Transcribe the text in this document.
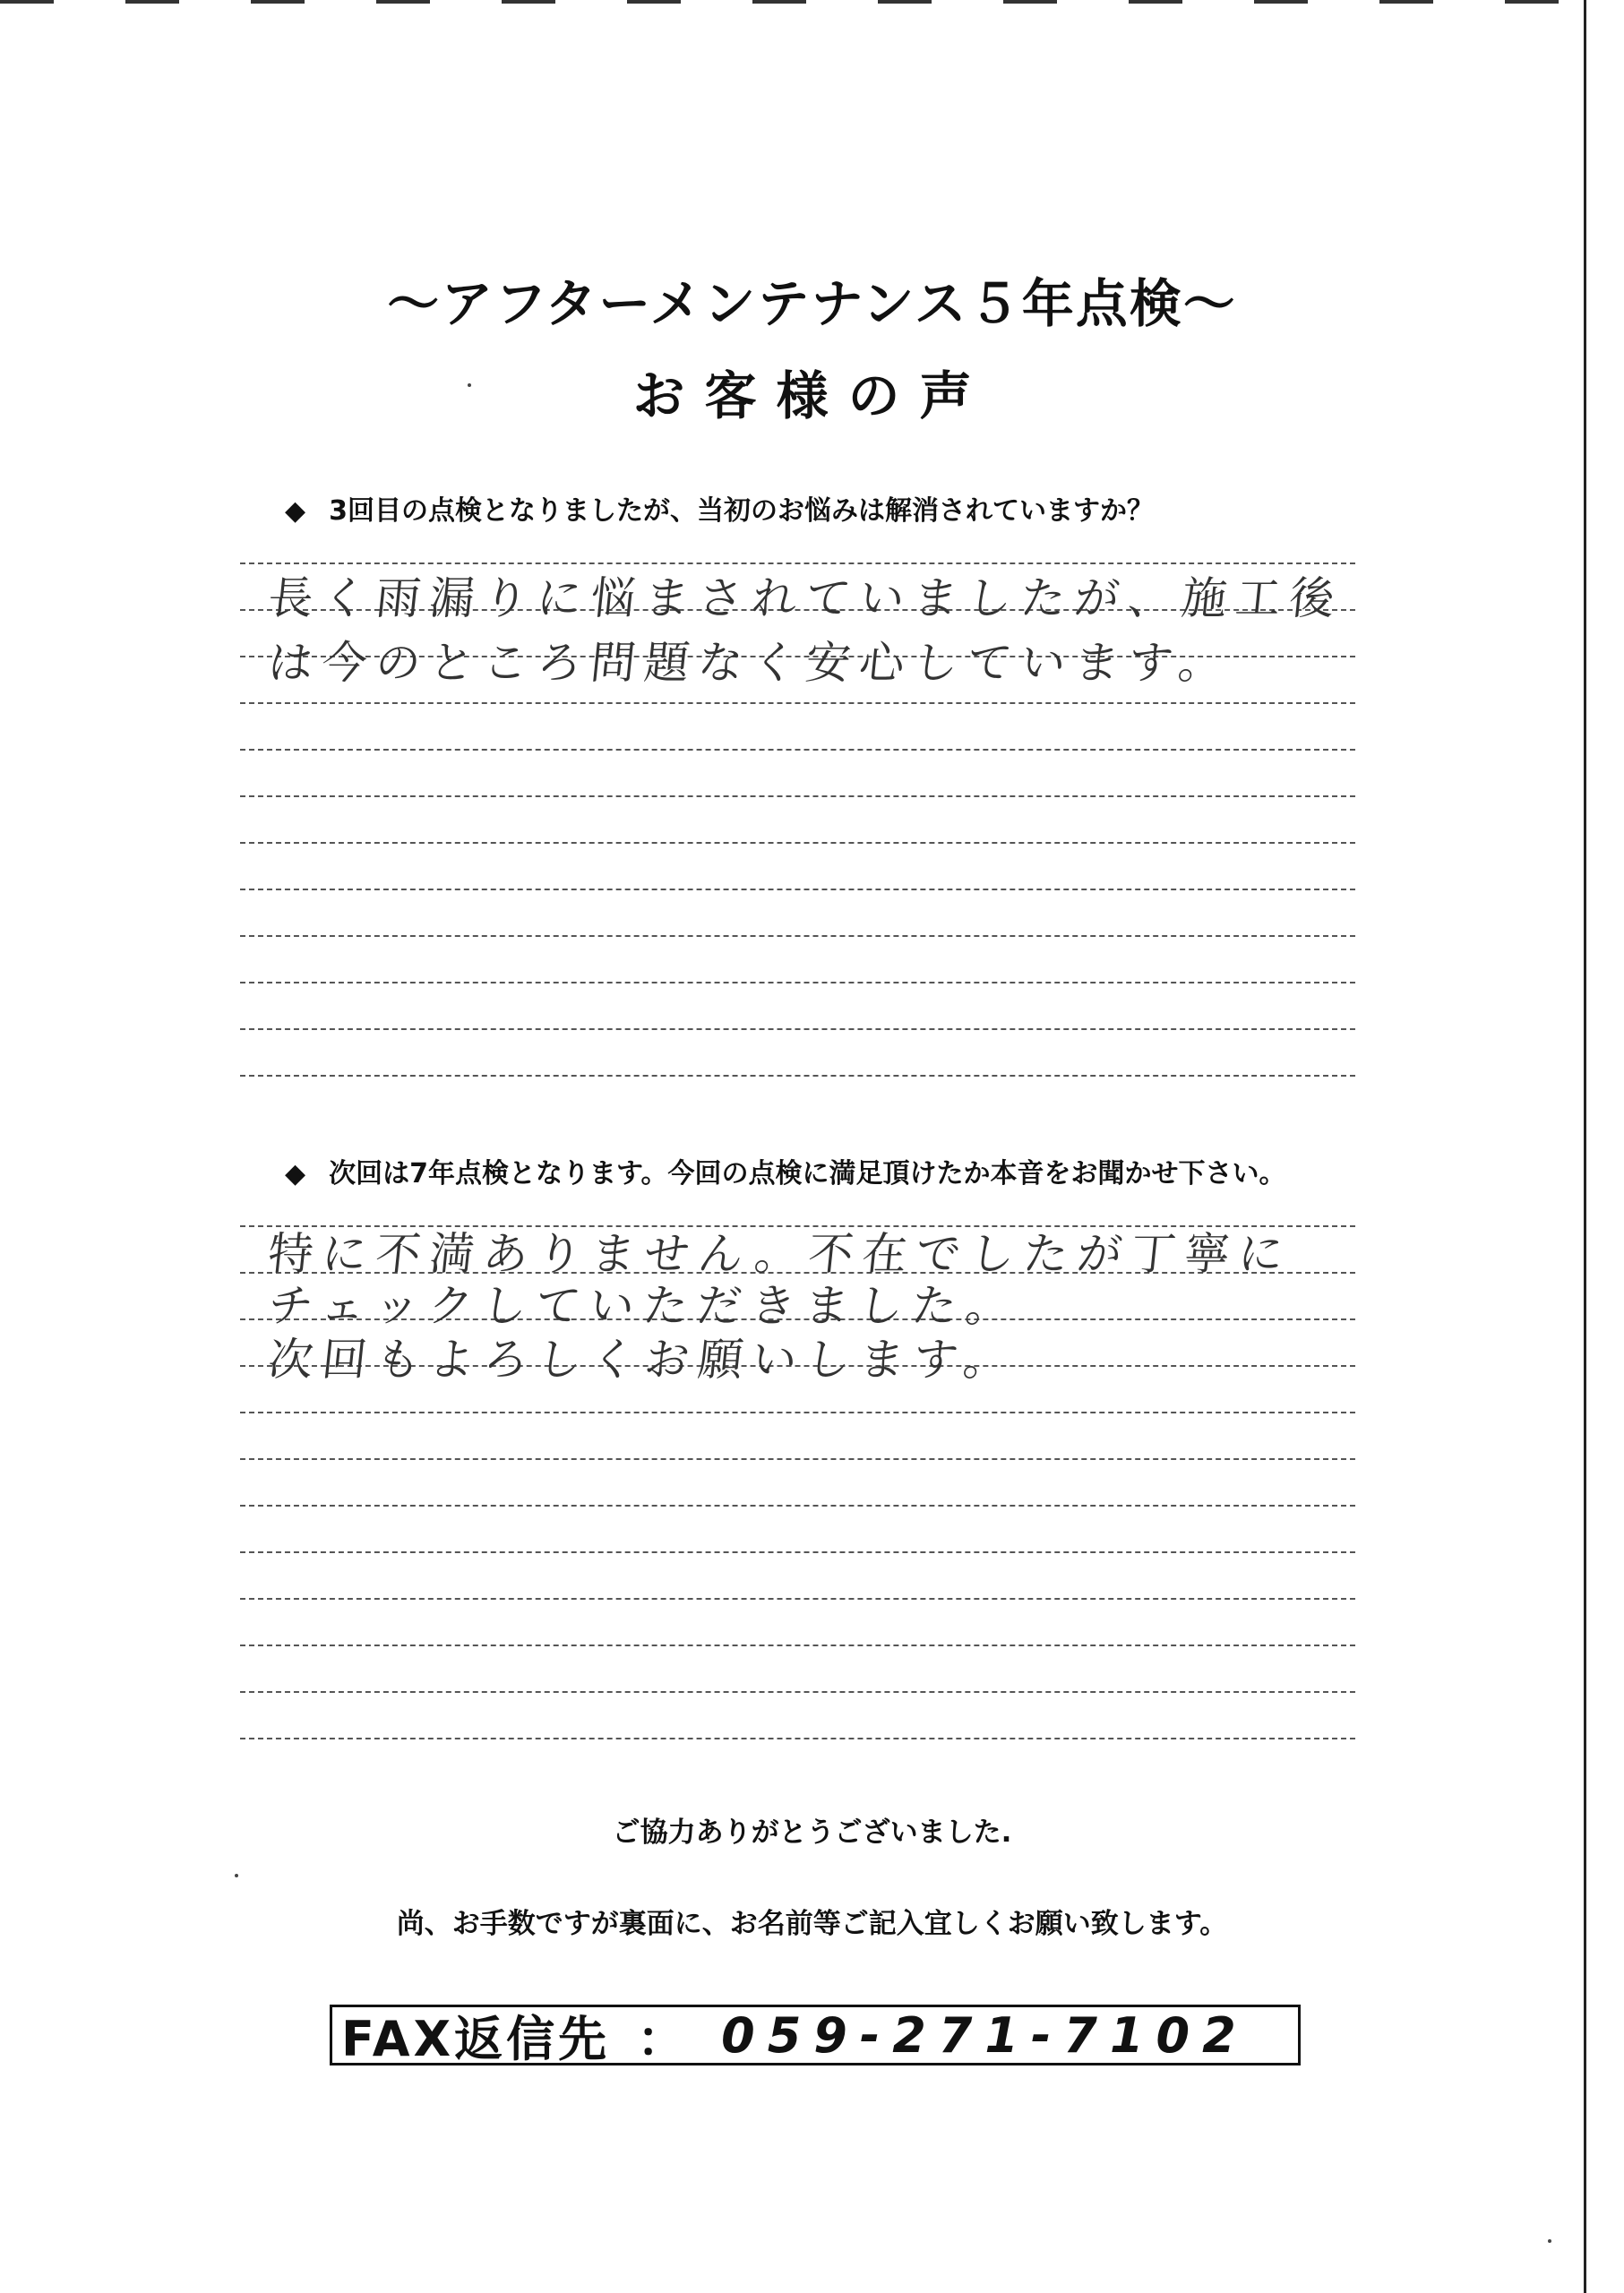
～アフターメンテナンス５年点検～
お客様の声
◆ 3回目の点検となりましたが、当初のお悩みは解消されていますか？
長く雨漏りに悩まされていましたが、施工後
は今のところ問題なく安心しています。
◆ 次回は7年点検となります。今回の点検に満足頂けたか本音をお聞かせ下さい。
特に不満ありません。不在でしたが丁寧に
チェックしていただきました。
次回もよろしくお願いします。
ご協力ありがとうございました.
尚、お手数ですが裏面に、お名前等ご記入宜しくお願い致します。
FAX返信先 ： 059-271-7102
